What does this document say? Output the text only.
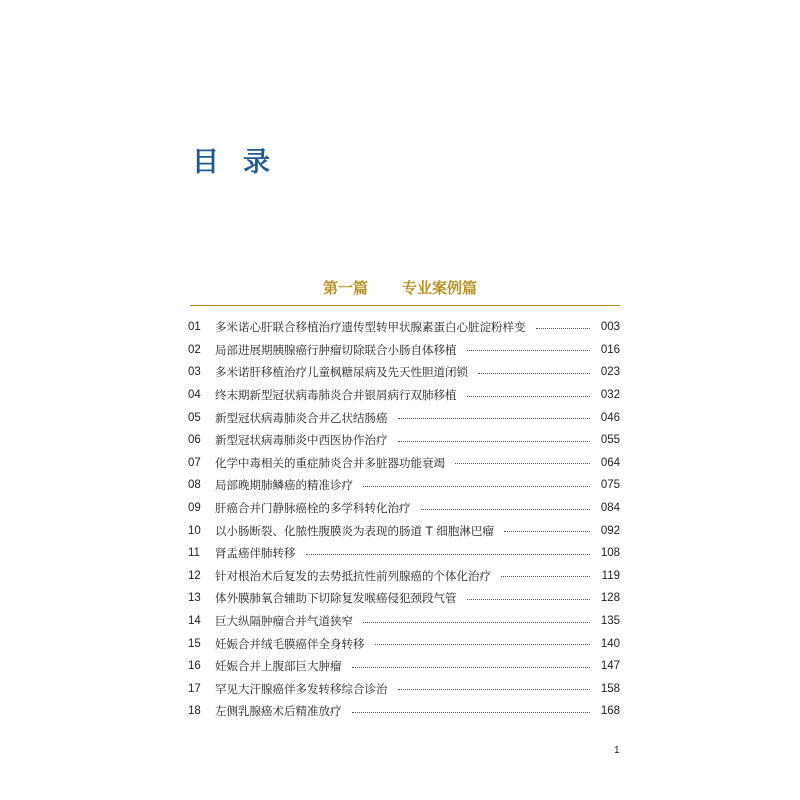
目 录
第一篇 专业案例篇
01	多米诺心肝联合移植治疗遗传型转甲状腺素蛋白心脏淀粉样变	003
02	局部进展期胰腺癌行肿瘤切除联合小肠自体移植	016
03	多米诺肝移植治疗儿童枫糖尿病及先天性胆道闭锁	023
04	终末期新型冠状病毒肺炎合并银屑病行双肺移植	032
05	新型冠状病毒肺炎合并乙状结肠癌	046
06	新型冠状病毒肺炎中西医协作治疗	055
07	化学中毒相关的重症肺炎合并多脏器功能衰竭	064
08	局部晚期肺鳞癌的精准诊疗	075
09	肝癌合并门静脉癌栓的多学科转化治疗	084
10	以小肠断裂、化脓性腹膜炎为表现的肠道 T 细胞淋巴瘤	092
11	肾盂癌伴肺转移	108
12	针对根治术后复发的去势抵抗性前列腺癌的个体化治疗	119
13	体外膜肺氧合辅助下切除复发喉癌侵犯颈段气管	128
14	巨大纵隔肿瘤合并气道狭窄	135
15	妊娠合并绒毛膜癌伴全身转移	140
16	妊娠合并上腹部巨大肿瘤	147
17	罕见大汗腺癌伴多发转移综合诊治	158
18	左侧乳腺癌术后精准放疗	168
1
